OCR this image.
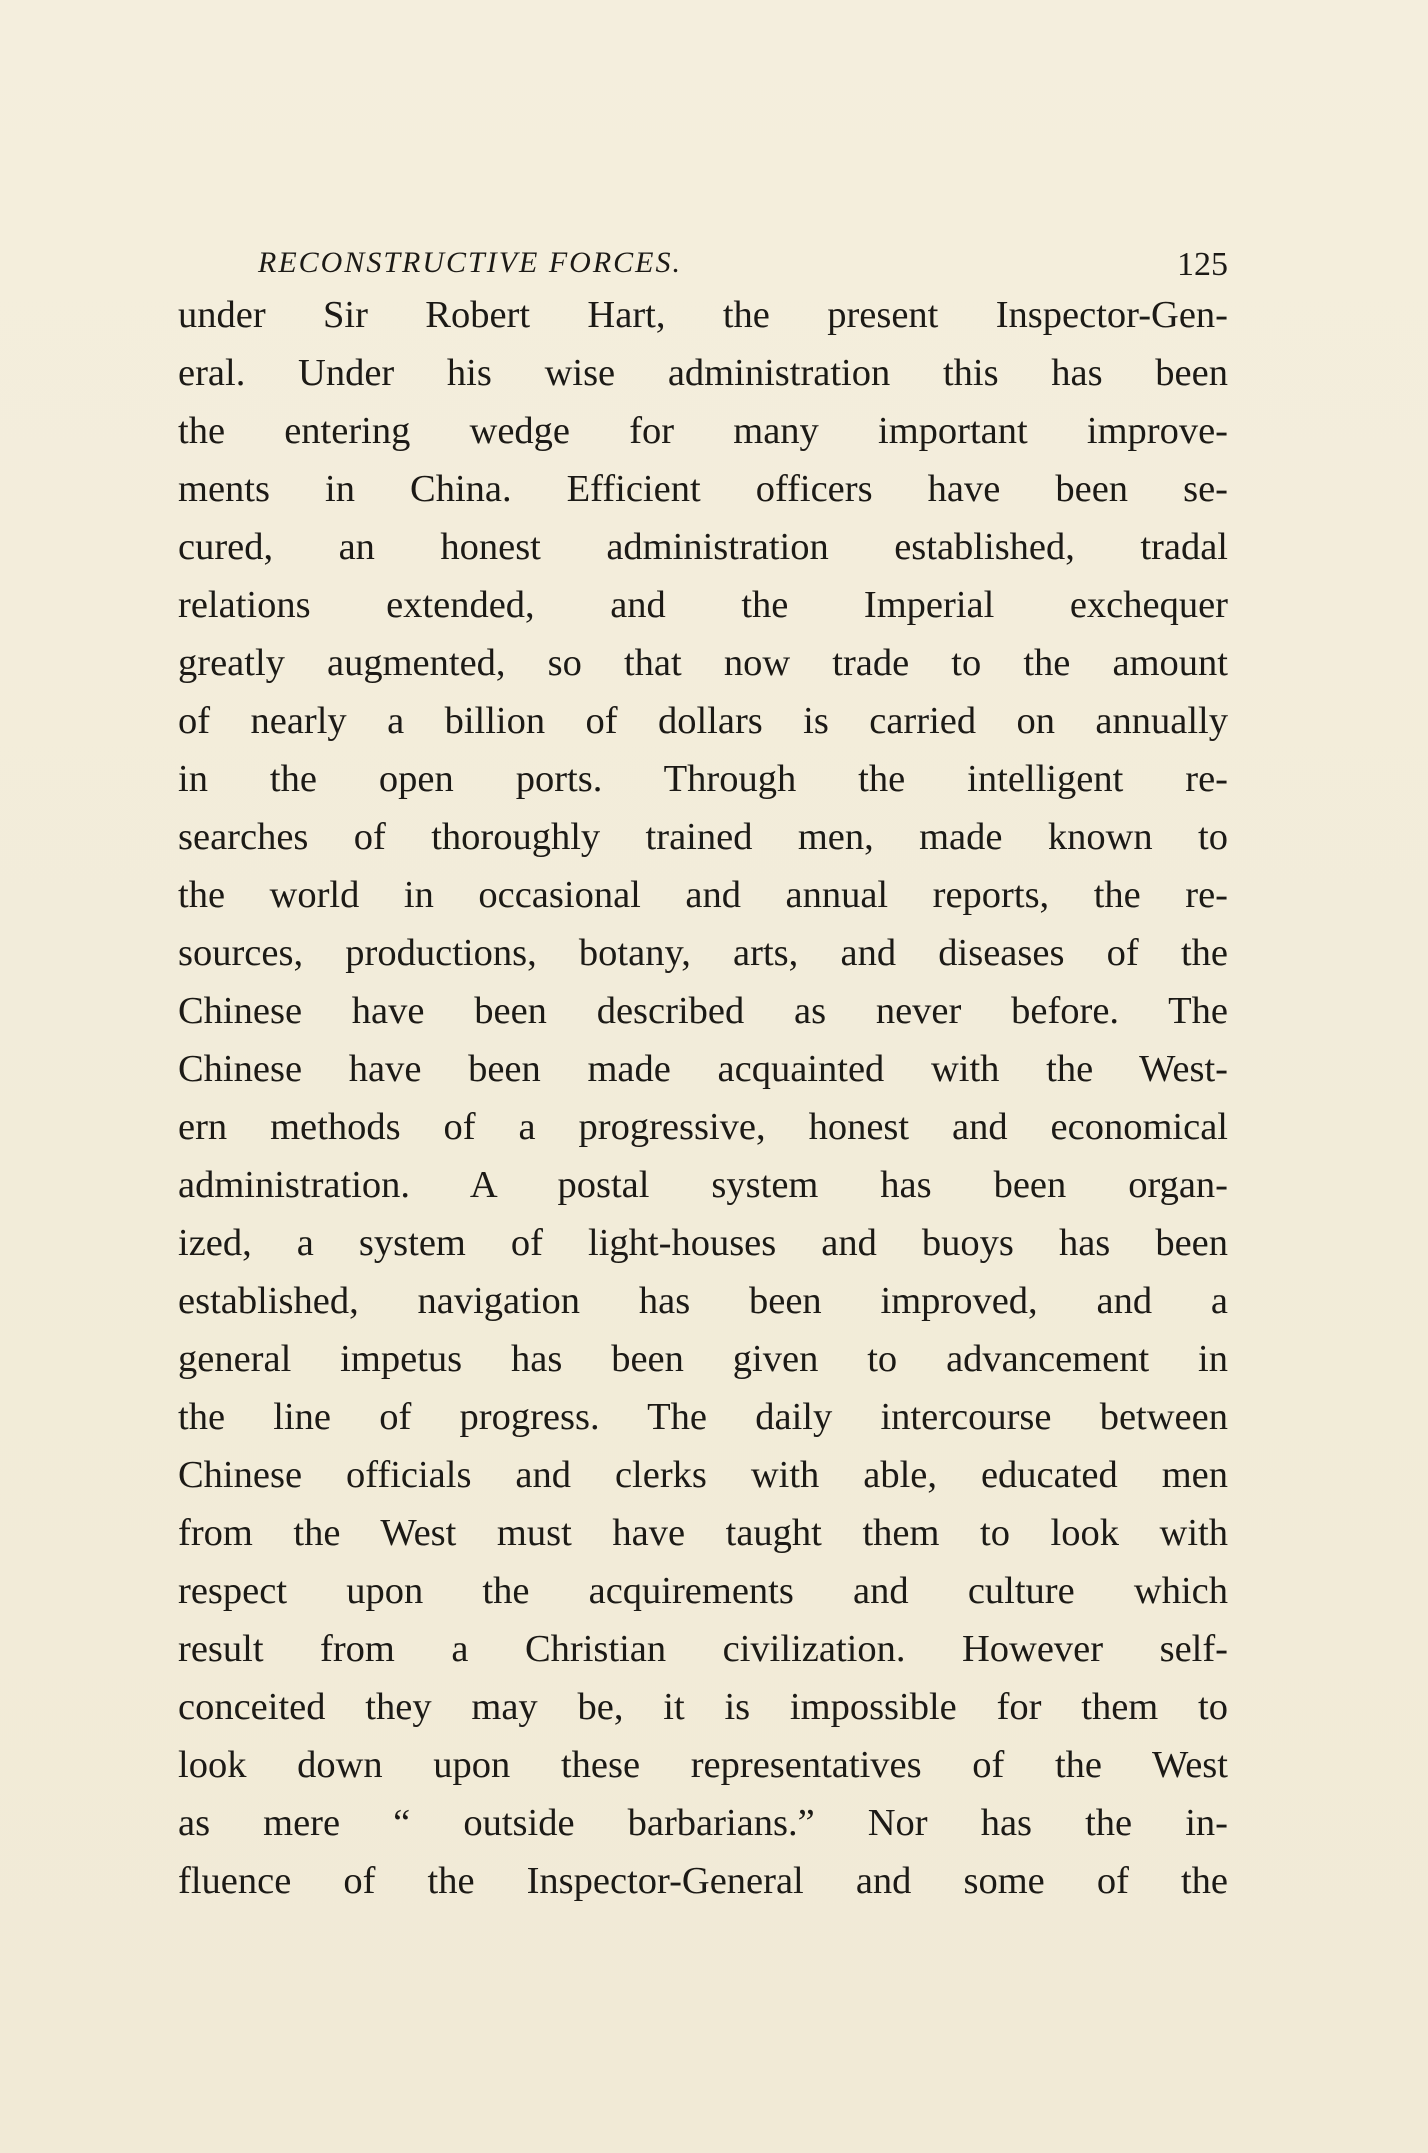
RECONSTRUCTIVE FORCES.	125
under Sir Robert Hart, the present Inspector-Gen-
eral. Under his wise administration this has been
the entering wedge for many important improve-
ments in China. Efficient officers have been se-
cured, an honest administration established, tradal
relations extended, and the Imperial exchequer
greatly augmented, so that now trade to the amount
of nearly a billion of dollars is carried on annually
in the open ports. Through the intelligent re-
searches of thoroughly trained men, made known to
the world in occasional and annual reports, the re-
sources, productions, botany, arts, and diseases of the
Chinese have been described as never before. The
Chinese have been made acquainted with the West-
ern methods of a progressive, honest and economical
administration. A postal system has been organ-
ized, a system of light-houses and buoys has been
established, navigation has been improved, and a
general impetus has been given to advancement in
the line of progress. The daily intercourse between
Chinese officials and clerks with able, educated men
from the West must have taught them to look with
respect upon the acquirements and culture which
result from a Christian civilization. However self-
conceited they may be, it is impossible for them to
look down upon these representatives of the West
as mere “ outside barbarians.” Nor has the in-
fluence of the Inspector-General and some of the
